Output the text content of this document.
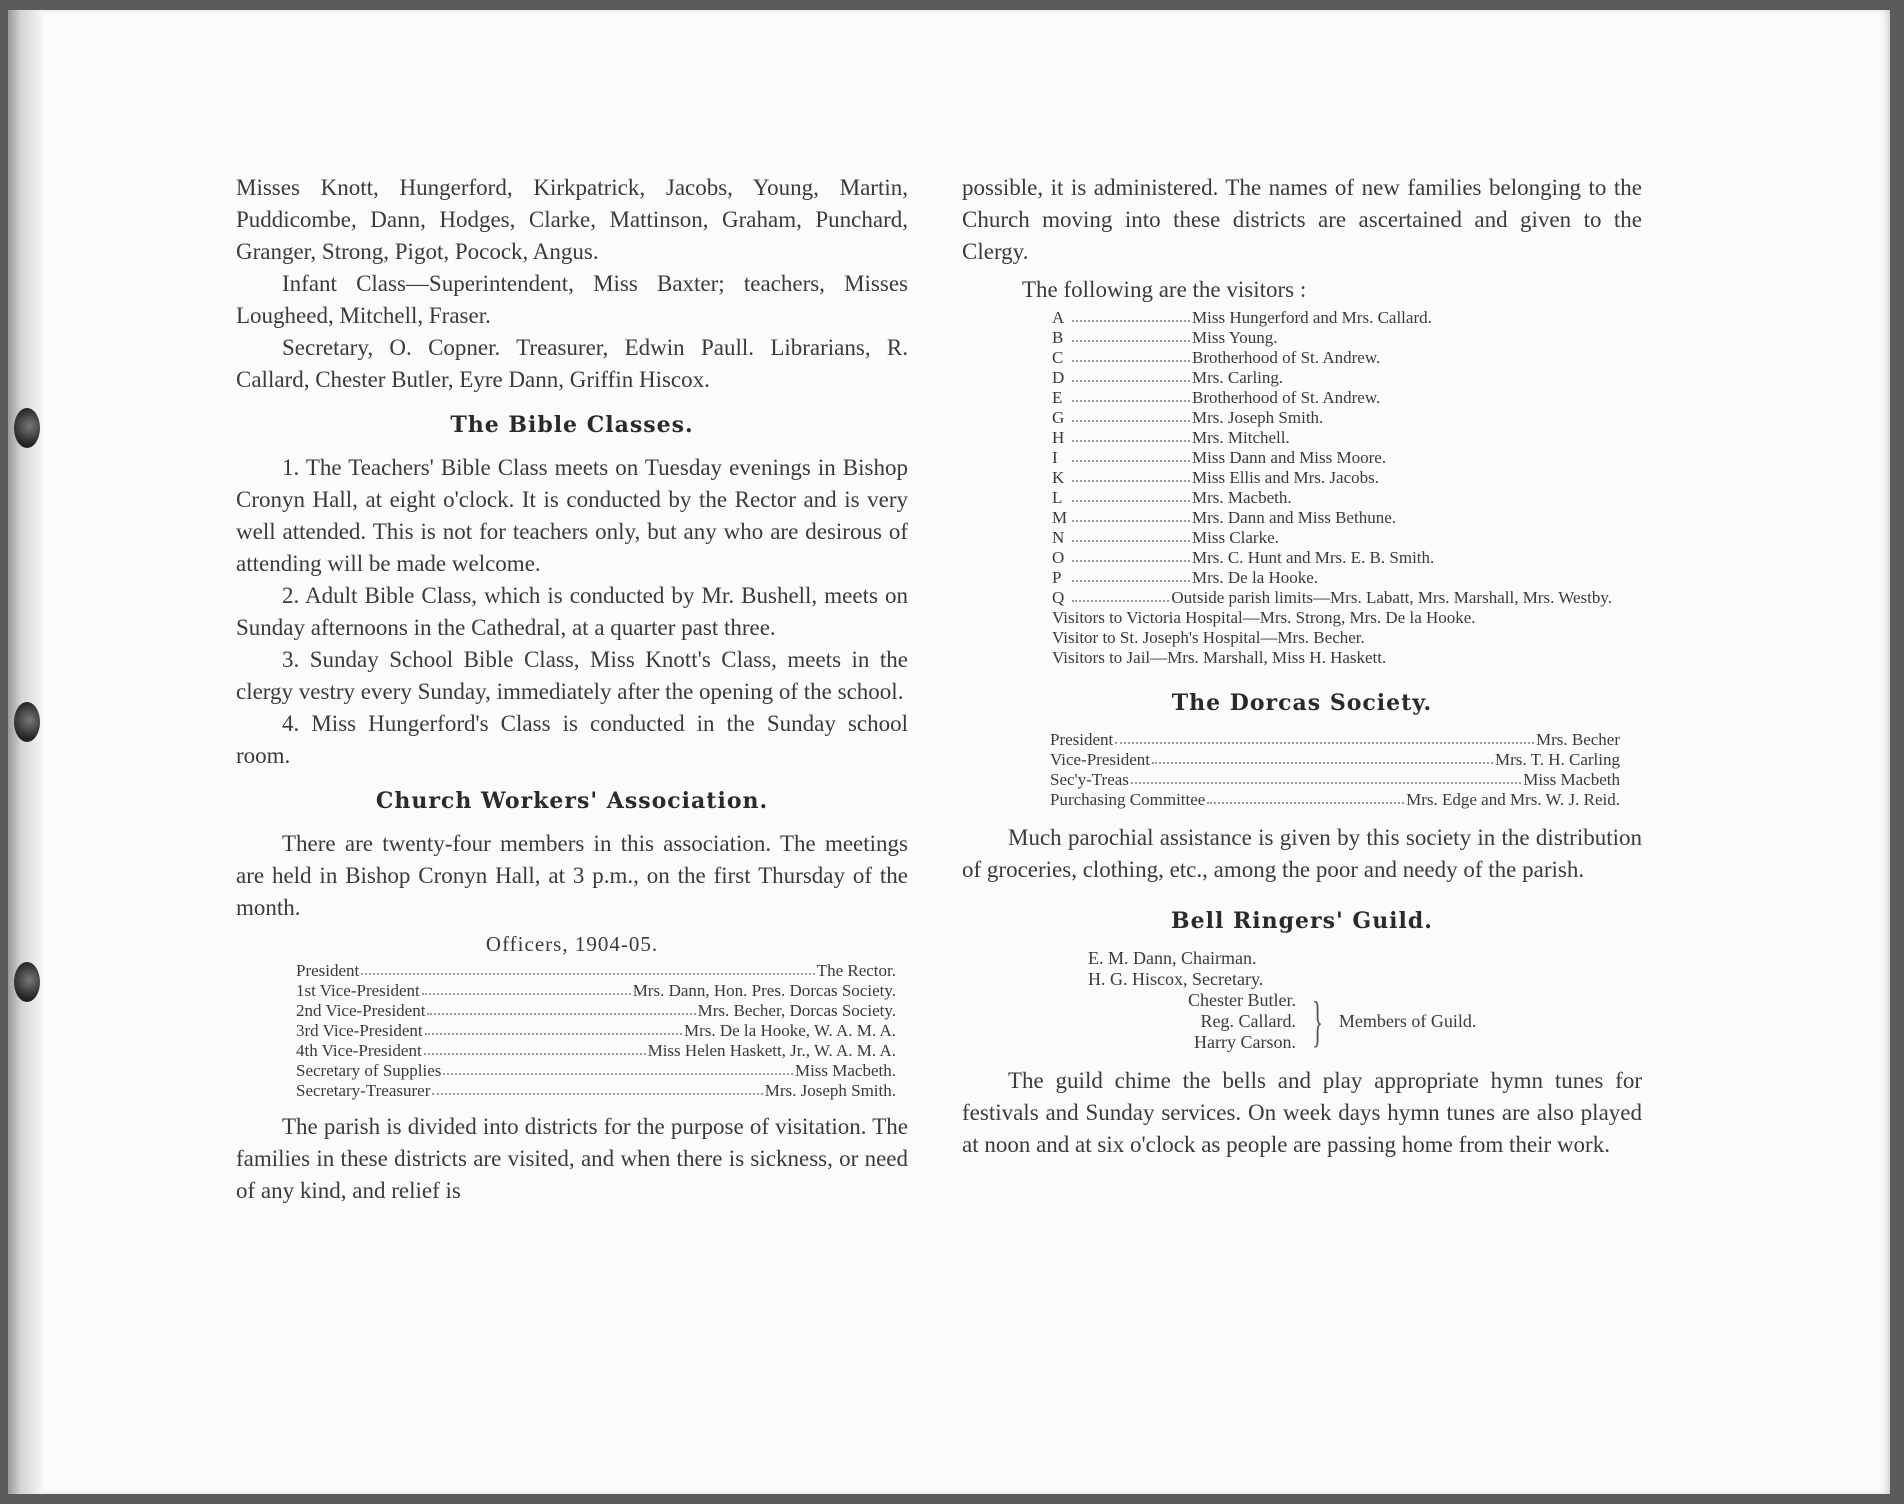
Misses Knott, Hungerford, Kirkpatrick, Jacobs, Young, Martin, Puddicombe, Dann, Hodges, Clarke, Mattinson, Graham, Punchard, Granger, Strong, Pigot, Pocock, Angus.

Infant Class—Superintendent, Miss Baxter; teachers, Misses Lougheed, Mitchell, Fraser.

Secretary, O. Copner. Treasurer, Edwin Paull. Librarians, R. Callard, Chester Butler, Eyre Dann, Griffin Hiscox.

The Bible Classes.

1. The Teachers' Bible Class meets on Tuesday evenings in Bishop Cronyn Hall, at eight o'clock. It is conducted by the Rector and is very well attended. This is not for teachers only, but any who are desirous of attending will be made welcome.

2. Adult Bible Class, which is conducted by Mr. Bushell, meets on Sunday afternoons in the Cathedral, at a quarter past three.

3. Sunday School Bible Class, Miss Knott's Class, meets in the clergy vestry every Sunday, immediately after the opening of the school.

4. Miss Hungerford's Class is conducted in the Sunday school room.

Church Workers' Association.

There are twenty-four members in this association. The meetings are held in Bishop Cronyn Hall, at 3 p.m., on the first Thursday of the month.

Officers, 1904-05.
President	The Rector.
1st Vice-President	Mrs. Dann, Hon. Pres. Dorcas Society.
2nd Vice-President	Mrs. Becher, Dorcas Society.
3rd Vice-President	Mrs. De la Hooke, W. A. M. A.
4th Vice-President	Miss Helen Haskett, Jr., W. A. M. A.
Secretary of Supplies	Miss Macbeth.
Secretary-Treasurer	Mrs. Joseph Smith.

The parish is divided into districts for the purpose of visitation. The families in these districts are visited, and when there is sickness, or need of any kind, and relief is

possible, it is administered. The names of new families belonging to the Church moving into these districts are ascertained and given to the Clergy.

The following are the visitors :

A	Miss Hungerford and Mrs. Callard.
B	Miss Young.
C	Brotherhood of St. Andrew.
D	Mrs. Carling.
E	Brotherhood of St. Andrew.
G	Mrs. Joseph Smith.
H	Mrs. Mitchell.
I	Miss Dann and Miss Moore.
K	Miss Ellis and Mrs. Jacobs.
L	Mrs. Macbeth.
M	Mrs. Dann and Miss Bethune.
N	Miss Clarke.
O	Mrs. C. Hunt and Mrs. E. B. Smith.
P	Mrs. De la Hooke.
Q	Outside parish limits—Mrs. Labatt, Mrs. Marshall, Mrs. Westby.
Visitors to Victoria Hospital—Mrs. Strong, Mrs. De la Hooke.
Visitor to St. Joseph's Hospital—Mrs. Becher.
Visitors to Jail—Mrs. Marshall, Miss H. Haskett.
The Dorcas Society.
President	Mrs. Becher
Vice-President	Mrs. T. H. Carling
Sec'y-Treas	Miss Macbeth
Purchasing Committee	Mrs. Edge and Mrs. W. J. Reid.

Much parochial assistance is given by this society in the distribution of groceries, clothing, etc., among the poor and needy of the parish.

Bell Ringers' Guild.
E. M. Dann, Chairman.
H. G. Hiscox, Secretary.
Chester Butler.
Reg. Callard.
Harry Carson. } Members of Guild.

The guild chime the bells and play appropriate hymn tunes for festivals and Sunday services. On week days hymn tunes are also played at noon and at six o'clock as people are passing home from their work.
